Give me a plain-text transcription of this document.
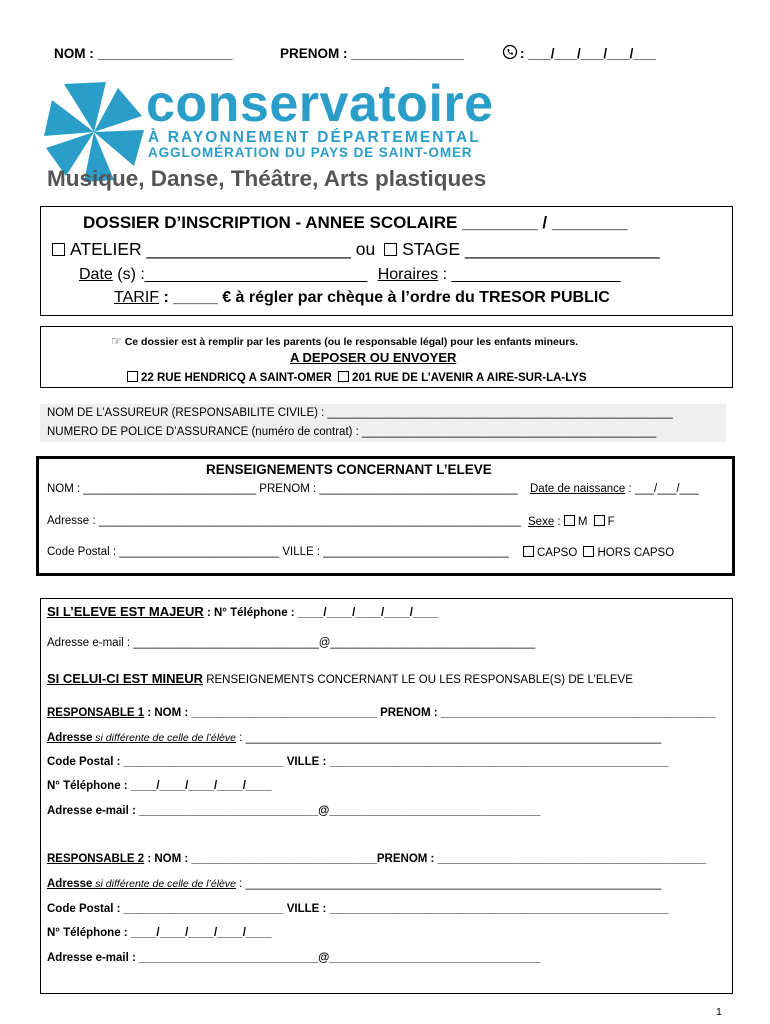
NOM : __________________	PRENOM : _______________	: ___/___/___/___/___
conservatoire
À RAYONNEMENT DÉPARTEMENTAL
AGGLOMÉRATION DU PAYS DE SAINT-OMER
Musique, Danse, Théâtre, Arts plastiques
DOSSIER D’INSCRIPTION - ANNEE SCOLAIRE ________ / ________
ATELIER _____________________ ou STAGE ____________________
Date (s) :_________________________ Horaires : ___________________
TARIF : _____ € à régler par chèque à l’ordre du TRESOR PUBLIC
☞ Ce dossier est à remplir par les parents (ou le responsable légal) pour les enfants mineurs.
A DEPOSER OU ENVOYER
22 RUE HENDRICQ A SAINT-OMER 201 RUE DE L’AVENIR A AIRE-SUR-LA-LYS
NOM DE L’ASSUREUR (RESPONSABILITE CIVILE) : ______________________________________________________
NUMERO DE POLICE D’ASSURANCE (numéro de contrat) : ______________________________________________
RENSEIGNEMENTS CONCERNANT L’ELEVE
NOM : ___________________________ PRENOM : _______________________________ Date de naissance : ___/___/___
Adresse : __________________________________________________________________ Sexe : M F
Code Postal : _________________________ VILLE : _____________________________	CAPSO HORS CAPSO
SI L’ELEVE EST MAJEUR : N° Téléphone : ____/____/____/____/____
Adresse e-mail : _____________________________@________________________________
SI CELUI-CI EST MINEUR RENSEIGNEMENTS CONCERNANT LE OU LES RESPONSABLE(S) DE L’ELEVE
RESPONSABLE 1 : NOM : _____________________________ PRENOM : ___________________________________________
Adresse si différente de celle de l’élève : _________________________________________________________________
Code Postal : _________________________ VILLE : _____________________________________________________
N° Téléphone : ____/____/____/____/____
Adresse e-mail : ____________________________@_________________________________
RESPONSABLE 2 : NOM : _____________________________PRENOM : __________________________________________
Adresse si différente de celle de l’élève : _________________________________________________________________
Code Postal : _________________________ VILLE : _____________________________________________________
N° Téléphone : ____/____/____/____/____
Adresse e-mail : ____________________________@_________________________________
1
